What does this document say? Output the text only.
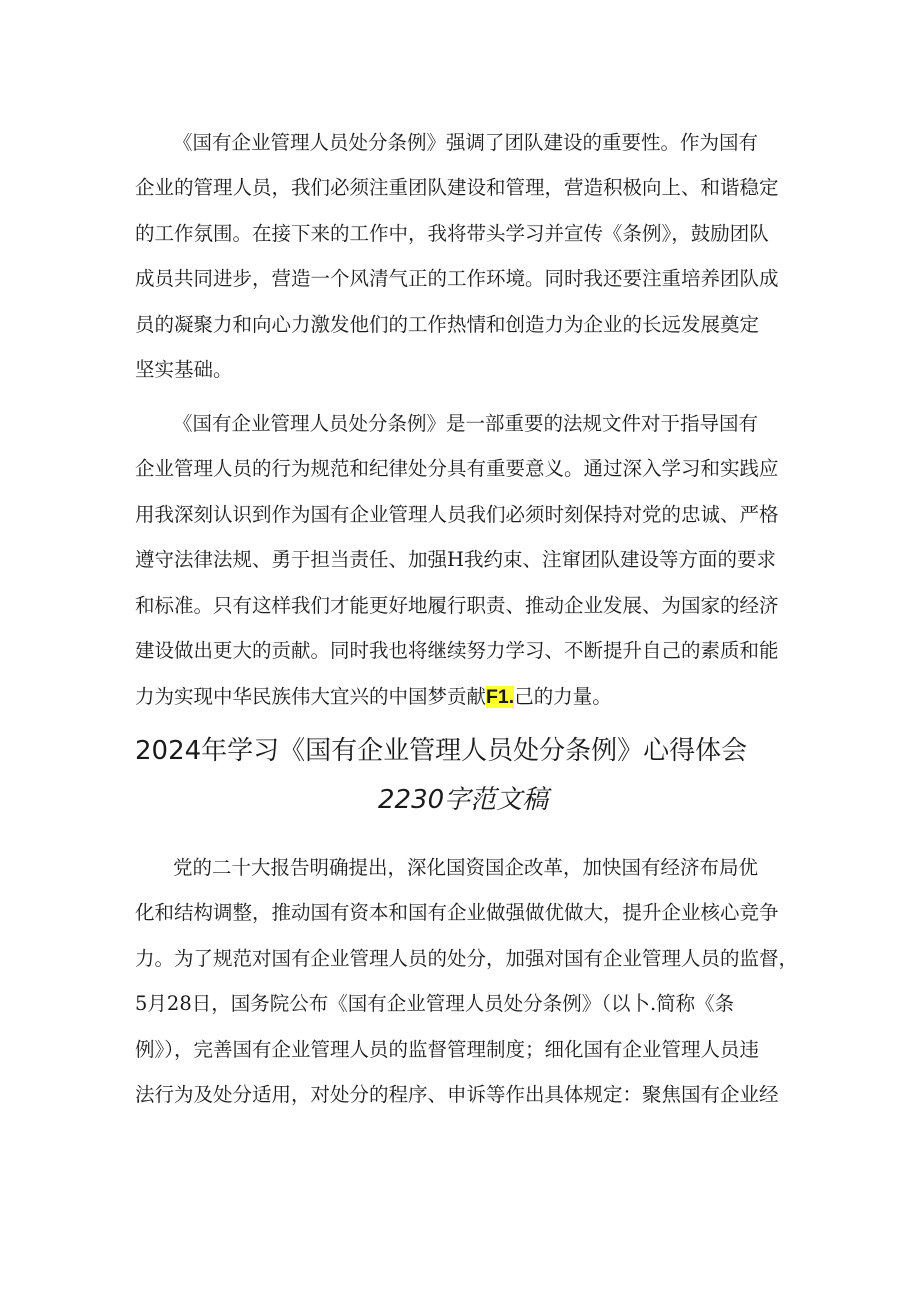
《国有企业管理人员处分条例》强调了团队建设的重要性。作为国有
企业的管理人员，我们必须注重团队建设和管理，营造积极向上、和谐稳定
的工作氛围。在接下来的工作中，我将带头学习并宣传《条例》，鼓励团队
成员共同进步，营造一个风清气正的工作环境。同时我还要注重培养团队成
员的凝聚力和向心力激发他们的工作热情和创造力为企业的长远发展奠定
坚实基础。
《国有企业管理人员处分条例》是一部重要的法规文件对于指导国有
企业管理人员的行为规范和纪律处分具有重要意义。通过深入学习和实践应
用我深刻认识到作为国有企业管理人员我们必须时刻保持对党的忠诚、严格
遵守法律法规、勇于担当责任、加强H我约束、注窜团队建设等方面的要求
和标准。只有这样我们才能更好地履行职责、推动企业发展、为国家的经济
建设做出更大的贡献。同时我也将继续努力学习、不断提升自己的素质和能
力为实现中华民族伟大宜兴的中国梦贡献F1.己的力量。
2024年学习《国有企业管理人员处分条例》心得体会
2230字范文稿
党的二十大报告明确提出，深化国资国企改革，加快国有经济布局优
化和结构调整，推动国有资本和国有企业做强做优做大，提升企业核心竞争
力。为了规范对国有企业管理人员的处分，加强对国有企业管理人员的监督，
5月28日，国务院公布《国有企业管理人员处分条例》（以卜.简称《条
例》），完善国有企业管理人员的监督管理制度；细化国有企业管理人员违
法行为及处分适用，对处分的程序、申诉等作出具体规定：聚焦国有企业经
